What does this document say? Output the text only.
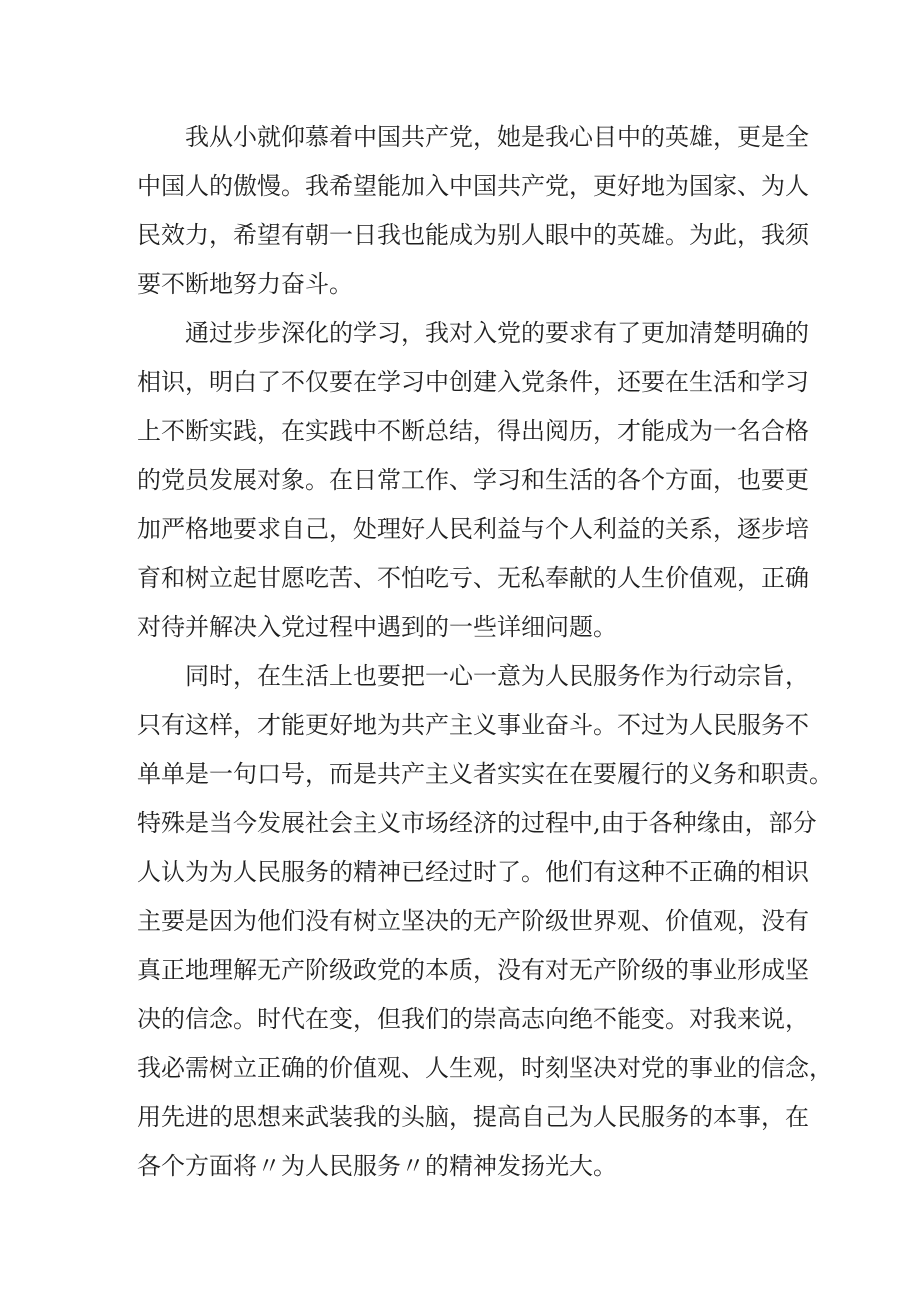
我从小就仰慕着中国共产党，她是我心目中的英雄，更是全
中国人的傲慢。我希望能加入中国共产党，更好地为国家、为人
民效力，希望有朝一日我也能成为别人眼中的英雄。为此，我须
要不断地努力奋斗。
通过步步深化的学习，我对入党的要求有了更加清楚明确的
相识，明白了不仅要在学习中创建入党条件，还要在生活和学习
上不断实践，在实践中不断总结，得出阅历，才能成为一名合格
的党员发展对象。在日常工作、学习和生活的各个方面，也要更
加严格地要求自己，处理好人民利益与个人利益的关系，逐步培
育和树立起甘愿吃苦、不怕吃亏、无私奉献的人生价值观，正确
对待并解决入党过程中遇到的一些详细问题。
同时，在生活上也要把一心一意为人民服务作为行动宗旨，
只有这样，才能更好地为共产主义事业奋斗。不过为人民服务不
单单是一句口号，而是共产主义者实实在在要履行的义务和职责。
特殊是当今发展社会主义市场经济的过程中,由于各种缘由，部分
人认为为人民服务的精神已经过时了。他们有这种不正确的相识
主要是因为他们没有树立坚决的无产阶级世界观、价值观，没有
真正地理解无产阶级政党的本质，没有对无产阶级的事业形成坚
决的信念。时代在变，但我们的崇高志向绝不能变。对我来说，
我必需树立正确的价值观、人生观，时刻坚决对党的事业的信念，
用先进的思想来武装我的头脑，提高自己为人民服务的本事，在
各个方面将〃为人民服务〃的精神发扬光大。
